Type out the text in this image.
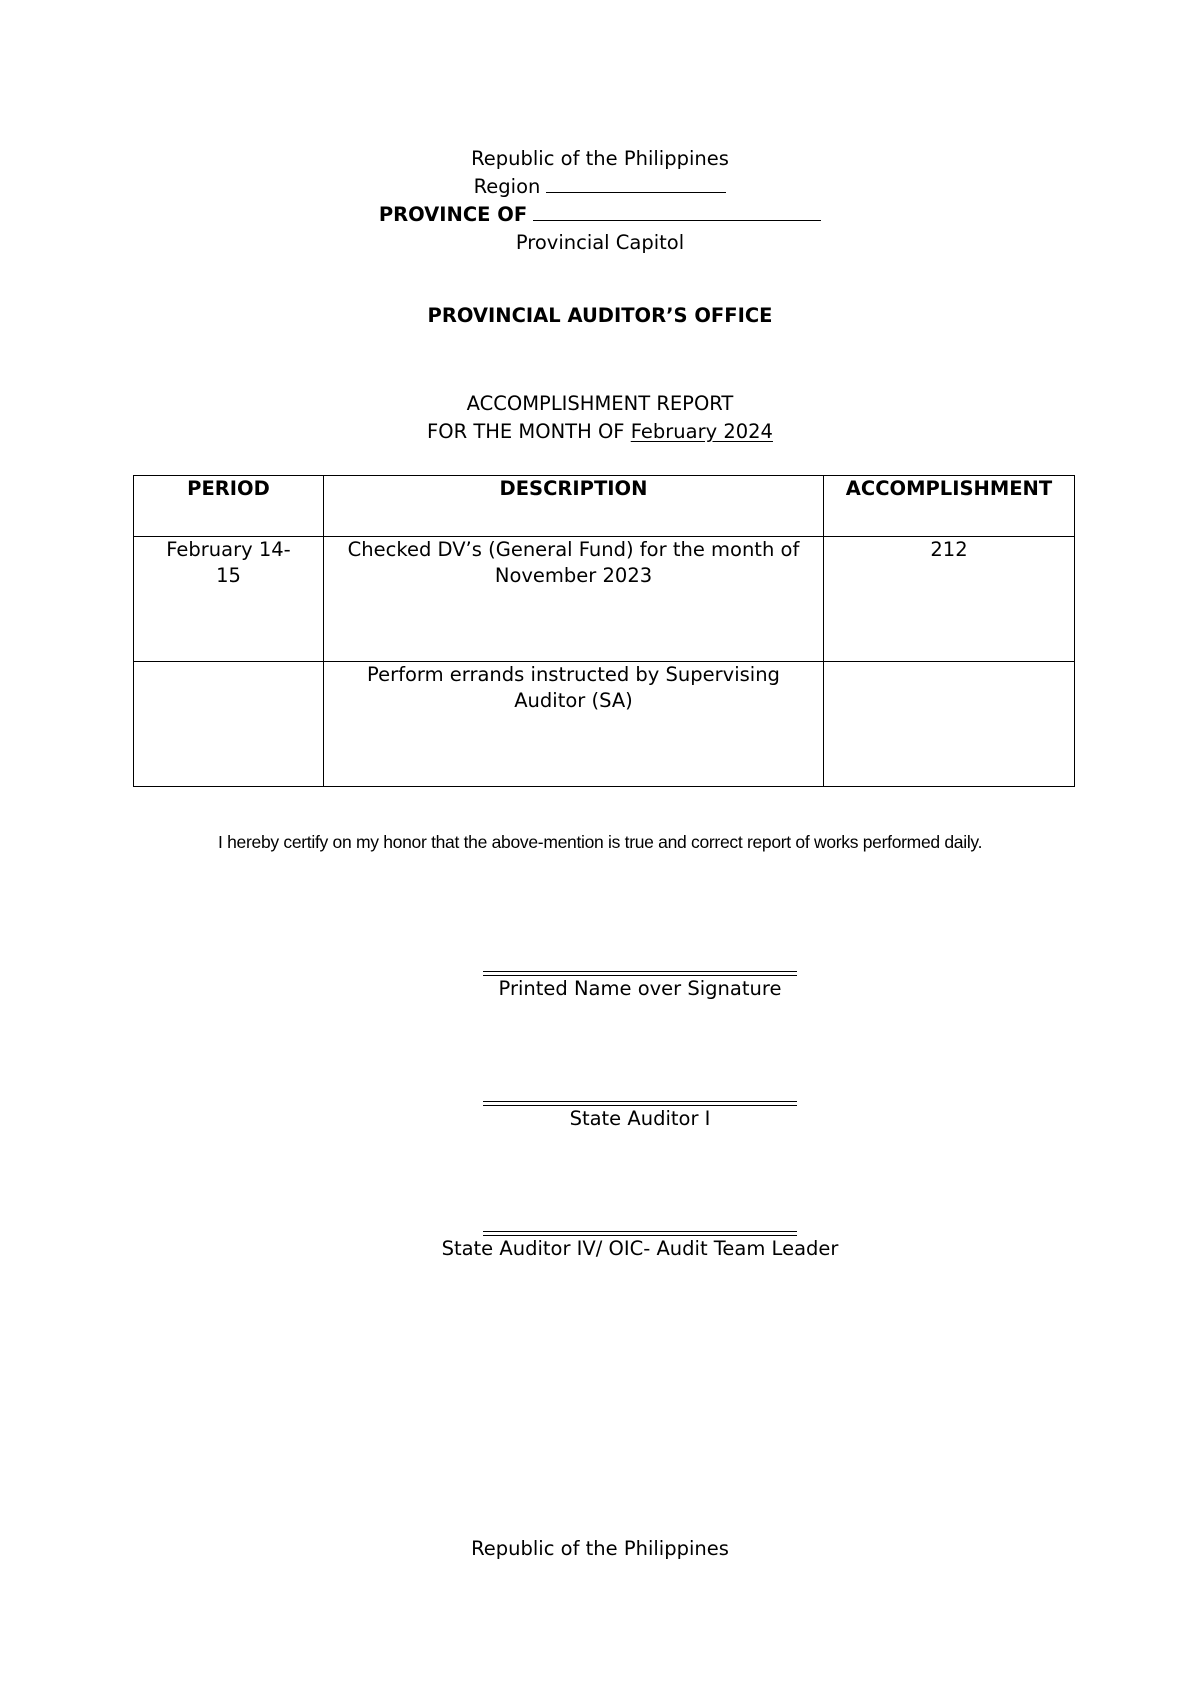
Republic of the Philippines
Region
PROVINCE OF
Provincial Capitol
PROVINCIAL AUDITOR’S OFFICE
ACCOMPLISHMENT REPORT
FOR THE MONTH OF February 2024
PERIOD	DESCRIPTION	ACCOMPLISHMENT
February 14-15	Checked DV’s (General Fund) for the month of November 2023	212
	Perform errands instructed by Supervising Auditor (SA)	
I hereby certify on my honor that the above-mention is true and correct report of works performed daily.
Printed Name over Signature
State Auditor I
State Auditor IV/ OIC- Audit Team Leader
Republic of the Philippines
